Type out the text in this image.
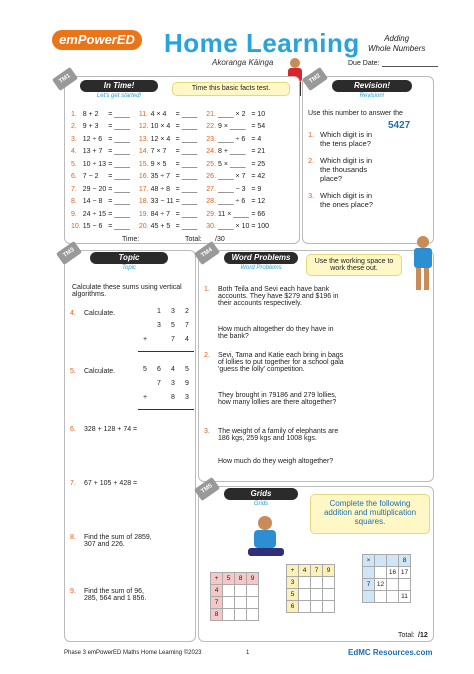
emPowerED Home Learning
Akoranga Kāinga
Adding
Whole Numbers
Due Date:
TM1
In Time!
Let's get started!
Time this basic facts test.
1.	8 + 2	= ____	11.	4 × 4	= ____	21.	____ × 2	= 10
2.	9 + 3	= ____	12.	10 × 4	= ____	22.	9 × ____	= 54
3.	12 ÷ 6	= ____	13.	12 × 4	= ____	23.	____ ÷ 6	= 4
4.	13 + 7	= ____	14.	7 × 7	= ____	24.	8 + ____	= 21
5.	10 ÷ 13	= ____	15.	9 × 5	= ____	25.	5 × ____	= 25
6.	7 − 2	= ____	16.	35 ÷ 7	= ____	26.	____ × 7	= 42
7.	29 − 20	= ____	17.	48 ÷ 8	= ____	27.	____ − 3	= 9
8.	14 − 8	= ____	18.	33 − 11	= ____	28.	____ ÷ 6	= 12
9.	24 ÷ 15	= ____	19.	84 ÷ 7	= ____	29.	11 × ____	= 66
10.	15 − 6	= ____	20.	45 + 5	= ____	30.	____ × 10	= 100
Time:	Total: /30
TM2
Revision!
Revision!
Use this number to answer the
5427
1. Which digit is in the tens place?
2. Which digit is in the thousands place?
3. Which digit is in the ones place?
TM3	Topic
Topic
Calculate these sums using vertical algorithms.
4. Calculate.	1 3 2
3 5 7
+	7 4
5. Calculate.	5 6 4 5
7 3 9
+	8 3
6. 328 + 128 + 74 =
7. 67 + 105 + 428 =
8. Find the sum of 2859, 307 and 226.
9. Find the sum of 96, 285, 564 and 1 856.
TM4	Word Problems
Word Problems
Use the working space to work these out.
1. Both Teila and Sevi each have bank accounts. They have $279 and $196 in their accounts respectively.
How much altogether do they have in the bank?
2. Sevi, Tama and Katie each bring in bags of lollies to put together for a school gala 'guess the lolly' competition.
They brought in 79186 and 279 lollies, how many lollies are there altogether?
3. The weight of a family of elephants are 186 kgs, 259 kgs and 1008 kgs.
How much do they weigh altogether?
TM5	Grids
Grids	Complete the following addition and multiplication squares.
+	5	8	9
4			
7			
8			
+	4	7	9
3			
5			
6			
×			8
		16	17
7	12		
			11
Total: /12
Phase 3 emPowerED Maths Home Learning ©2023	1	EdMC Resources.com
